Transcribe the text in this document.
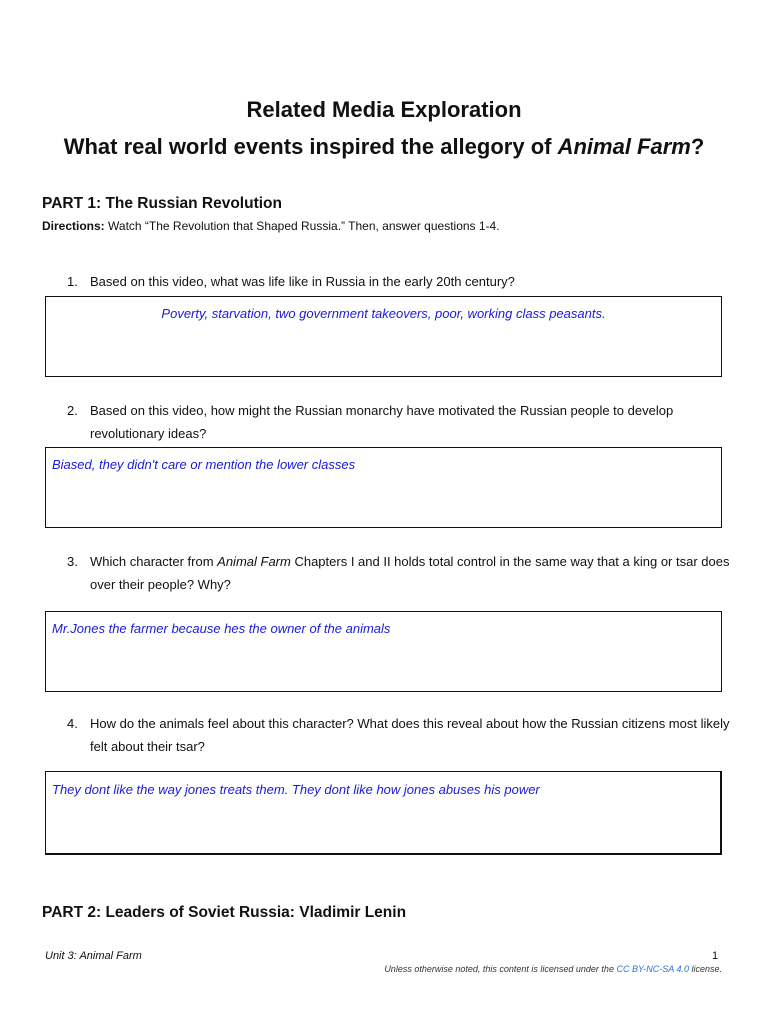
Related Media Exploration
What real world events inspired the allegory of Animal Farm?
PART 1: The Russian Revolution
Directions: Watch “The Revolution that Shaped Russia.” Then, answer questions 1-4.
1. Based on this video, what was life like in Russia in the early 20th century?
Poverty, starvation, two government takeovers, poor, working class peasants.
2. Based on this video, how might the Russian monarchy have motivated the Russian people to develop revolutionary ideas?
Biased, they didn't care or mention the lower classes
3. Which character from Animal Farm Chapters I and II holds total control in the same way that a king or tsar does over their people? Why?
Mr.Jones the farmer because hes the owner of the animals
4. How do the animals feel about this character? What does this reveal about how the Russian citizens most likely felt about their tsar?
They dont like the way jones treats them. They dont like how jones abuses his power
PART 2: Leaders of Soviet Russia: Vladimir Lenin
Unit 3: Animal Farm	1
Unless otherwise noted, this content is licensed under the CC BY-NC-SA 4.0 license.
